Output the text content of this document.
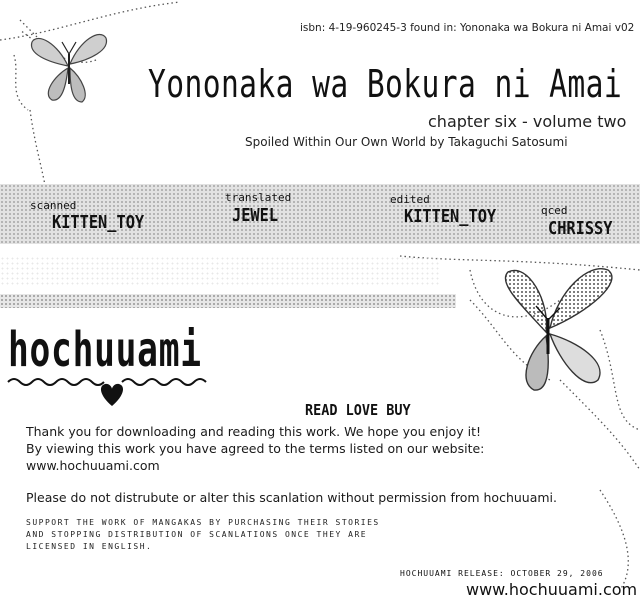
isbn: 4-19-960245-3 found in: Yononaka wa Bokura ni Amai v02
Yononaka wa Bokura ni Amai
chapter six - volume two
Spoiled Within Our Own World by Takaguchi Satosumi
scanned
KITTEN_TOY
translated
JEWEL
edited
KITTEN_TOY	qced
CHRISSY
hochuuami
READ LOVE BUY
Thank you for downloading and reading this work. We hope you enjoy it!
By viewing this work you have agreed to the terms listed on our website:
www.hochuuami.com
Please do not distrubute or alter this scanlation without permission from hochuuami.
SUPPORT THE WORK OF MANGAKAS BY PURCHASING THEIR STORIES
AND STOPPING DISTRIBUTION OF SCANLATIONS ONCE THEY ARE
LICENSED IN ENGLISH.
HOCHUUAMI RELEASE: OCTOBER 29, 2006
www.hochuuami.com
